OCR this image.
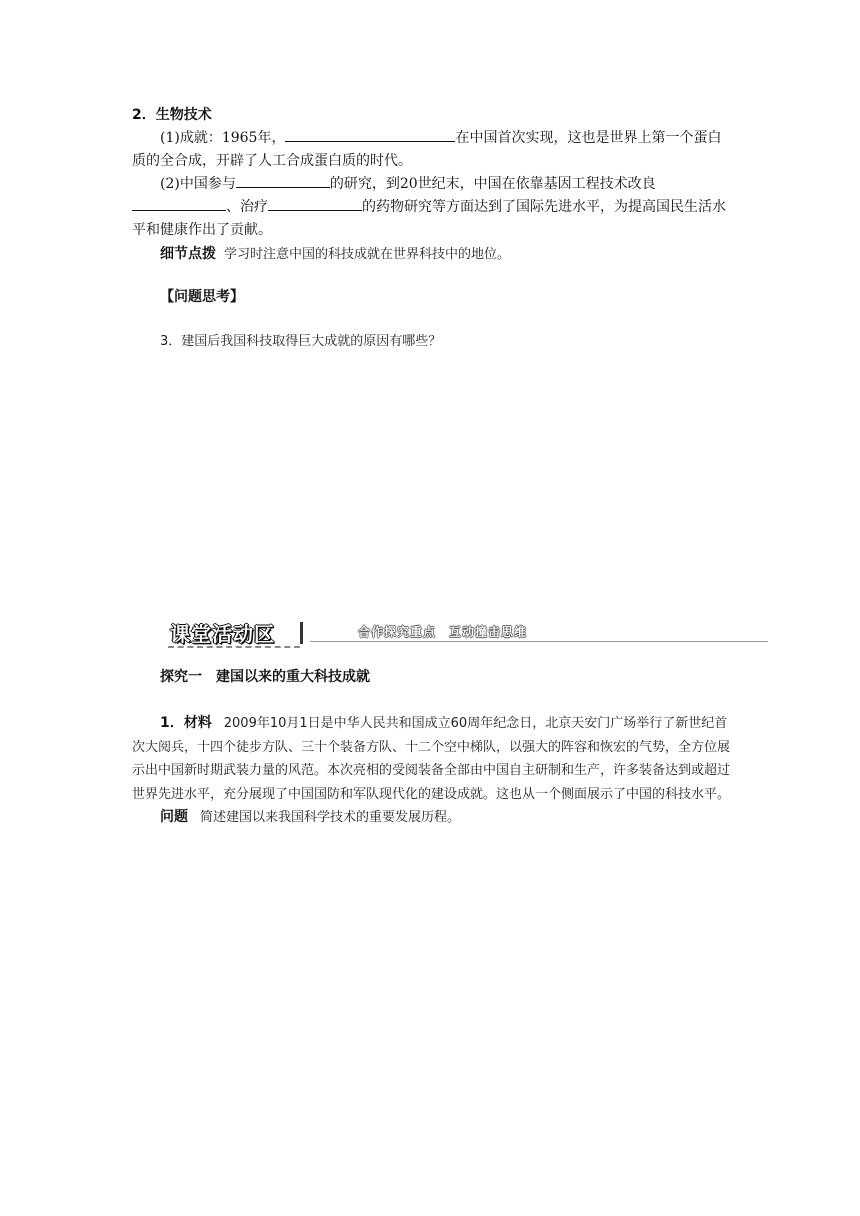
2．生物技术
(1)成就：1965年，	在中国首次实现，这也是世界上第一个蛋白质的全合成，开辟了人工合成蛋白质的时代。
(2)中国参与	的研究，到20世纪末，中国在依靠基因工程技术改良、治疗	的药物研究等方面达到了国际先进水平，为提高国民生活水平和健康作出了贡献。
细节点拨 学习时注意中国的科技成就在世界科技中的地位。
【问题思考】
3．建国后我国科技取得巨大成就的原因有哪些？
课堂活动区	合作探究重点　互动撞击思维
探究一　建国以来的重大科技成就
1．材料 2009年10月1日是中华人民共和国成立60周年纪念日，北京天安门广场举行了新世纪首次大阅兵，十四个徒步方队、三十个装备方队、十二个空中梯队，以强大的阵容和恢宏的气势，全方位展示出中国新时期武装力量的风范。本次亮相的受阅装备全部由中国自主研制和生产，许多装备达到或超过世界先进水平，充分展现了中国国防和军队现代化的建设成就。这也从一个侧面展示了中国的科技水平。
问题 简述建国以来我国科学技术的重要发展历程。
